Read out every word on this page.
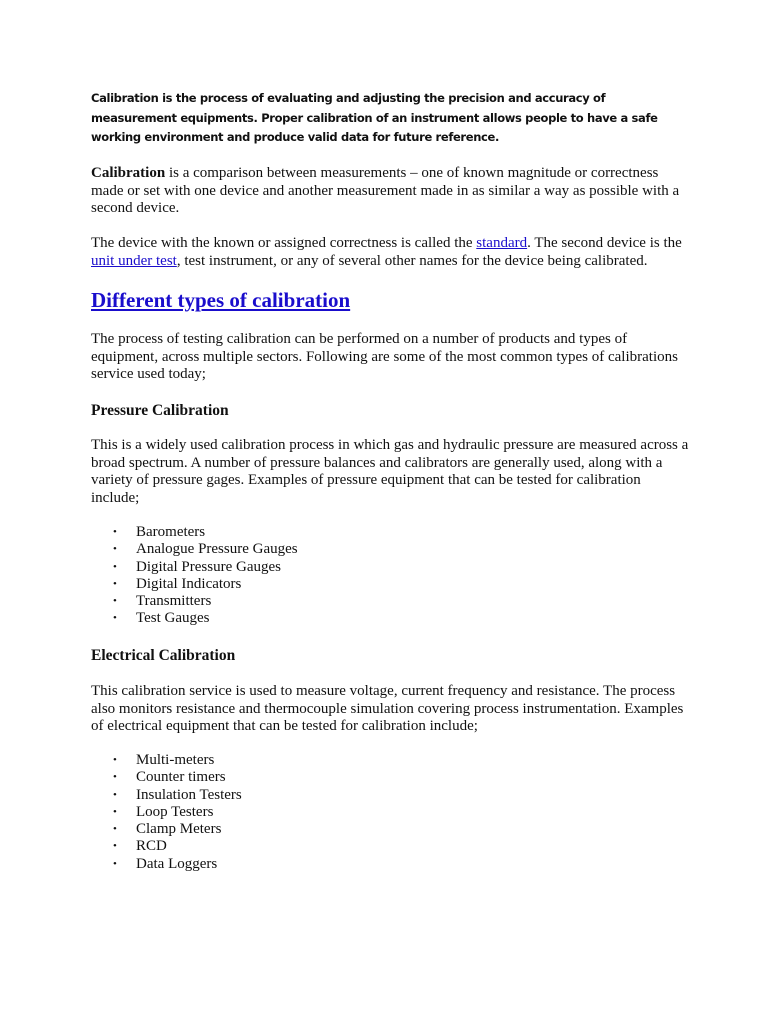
Calibration is the process of evaluating and adjusting the precision and accuracy of measurement equipments. Proper calibration of an instrument allows people to have a safe working environment and produce valid data for future reference.

Calibration is a comparison between measurements – one of known magnitude or correctness made or set with one device and another measurement made in as similar a way as possible with a second device.

The device with the known or assigned correctness is called the standard. The second device is the unit under test, test instrument, or any of several other names for the device being calibrated.

Different types of calibration

The process of testing calibration can be performed on a number of products and types of equipment, across multiple sectors. Following are some of the most common types of calibrations service used today;

Pressure Calibration

This is a widely used calibration process in which gas and hydraulic pressure are measured across a broad spectrum. A number of pressure balances and calibrators are generally used, along with a variety of pressure gages. Examples of pressure equipment that can be tested for calibration include;

• Barometers
• Analogue Pressure Gauges
• Digital Pressure Gauges
• Digital Indicators
• Transmitters
• Test Gauges
Electrical Calibration

This calibration service is used to measure voltage, current frequency and resistance. The process also monitors resistance and thermocouple simulation covering process instrumentation. Examples of electrical equipment that can be tested for calibration include;

• Multi-meters
• Counter timers
• Insulation Testers
• Loop Testers
• Clamp Meters
• RCD
• Data Loggers
